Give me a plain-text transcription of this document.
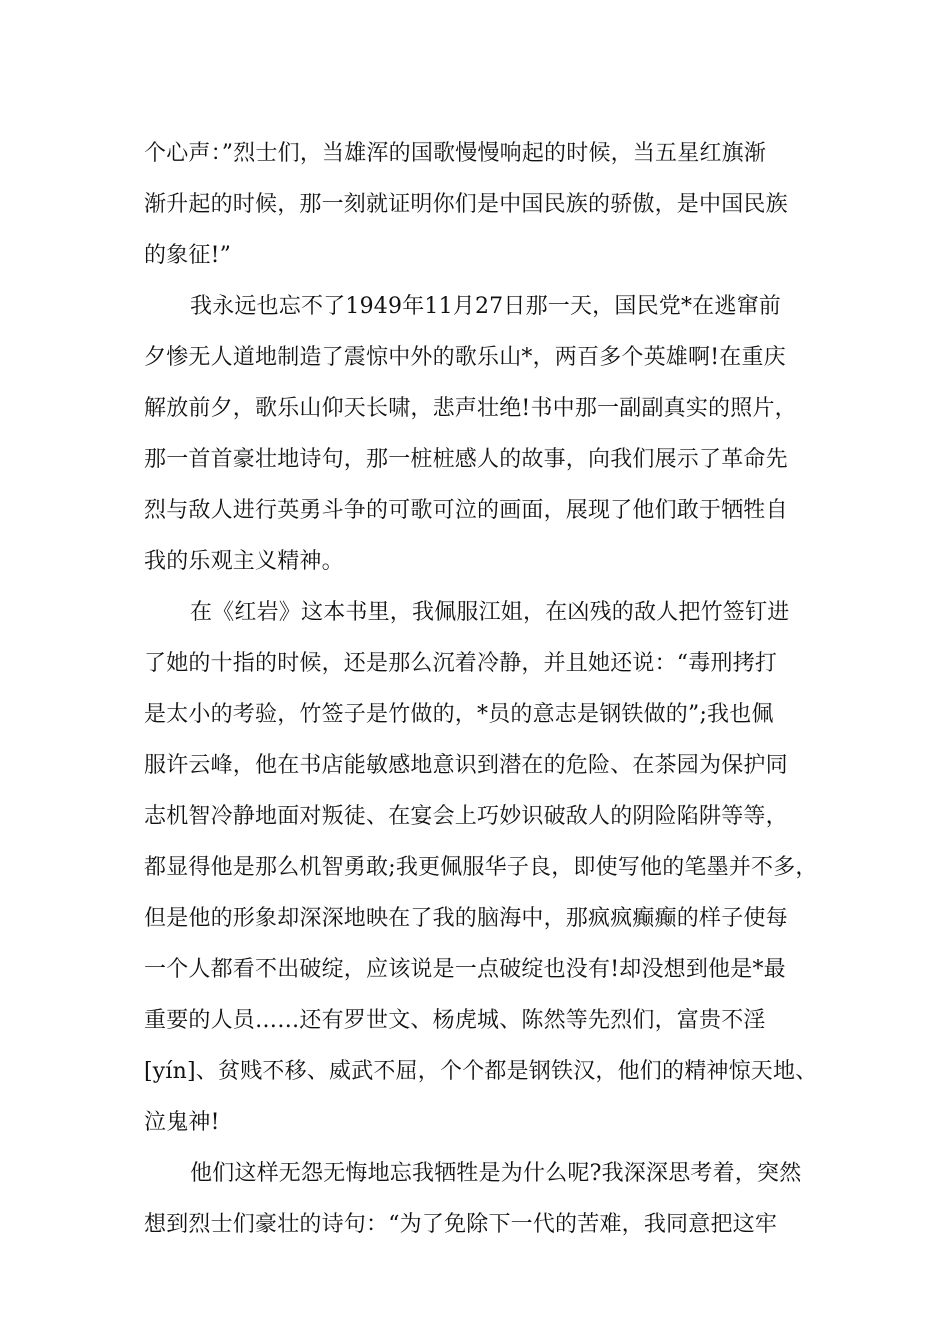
个心声：”烈士们，当雄浑的国歌慢慢响起的时候，当五星红旗渐
渐升起的时候，那一刻就证明你们是中国民族的骄傲，是中国民族
的象征!”
我永远也忘不了1949年11月27日那一天，国民党*在逃窜前
夕惨无人道地制造了震惊中外的歌乐山*，两百多个英雄啊!在重庆
解放前夕，歌乐山仰天长啸，悲声壮绝!书中那一副副真实的照片，
那一首首豪壮地诗句，那一桩桩感人的故事，向我们展示了革命先
烈与敌人进行英勇斗争的可歌可泣的画面，展现了他们敢于牺牲自
我的乐观主义精神。
在《红岩》这本书里，我佩服江姐，在凶残的敌人把竹签钉进
了她的十指的时候，还是那么沉着冷静，并且她还说：“毒刑拷打
是太小的考验，竹签子是竹做的，*员的意志是钢铁做的”;我也佩
服许云峰，他在书店能敏感地意识到潜在的危险、在茶园为保护同
志机智冷静地面对叛徒、在宴会上巧妙识破敌人的阴险陷阱等等，
都显得他是那么机智勇敢;我更佩服华子良，即使写他的笔墨并不多，
但是他的形象却深深地映在了我的脑海中，那疯疯癫癫的样子使每
一个人都看不出破绽，应该说是一点破绽也没有!却没想到他是*最
重要的人员……还有罗世文、杨虎城、陈然等先烈们，富贵不淫
[yín]、贫贱不移、威武不屈，个个都是钢铁汉，他们的精神惊天地、
泣鬼神!
他们这样无怨无悔地忘我牺牲是为什么呢?我深深思考着，突然
想到烈士们豪壮的诗句：“为了免除下一代的苦难，我同意把这牢
